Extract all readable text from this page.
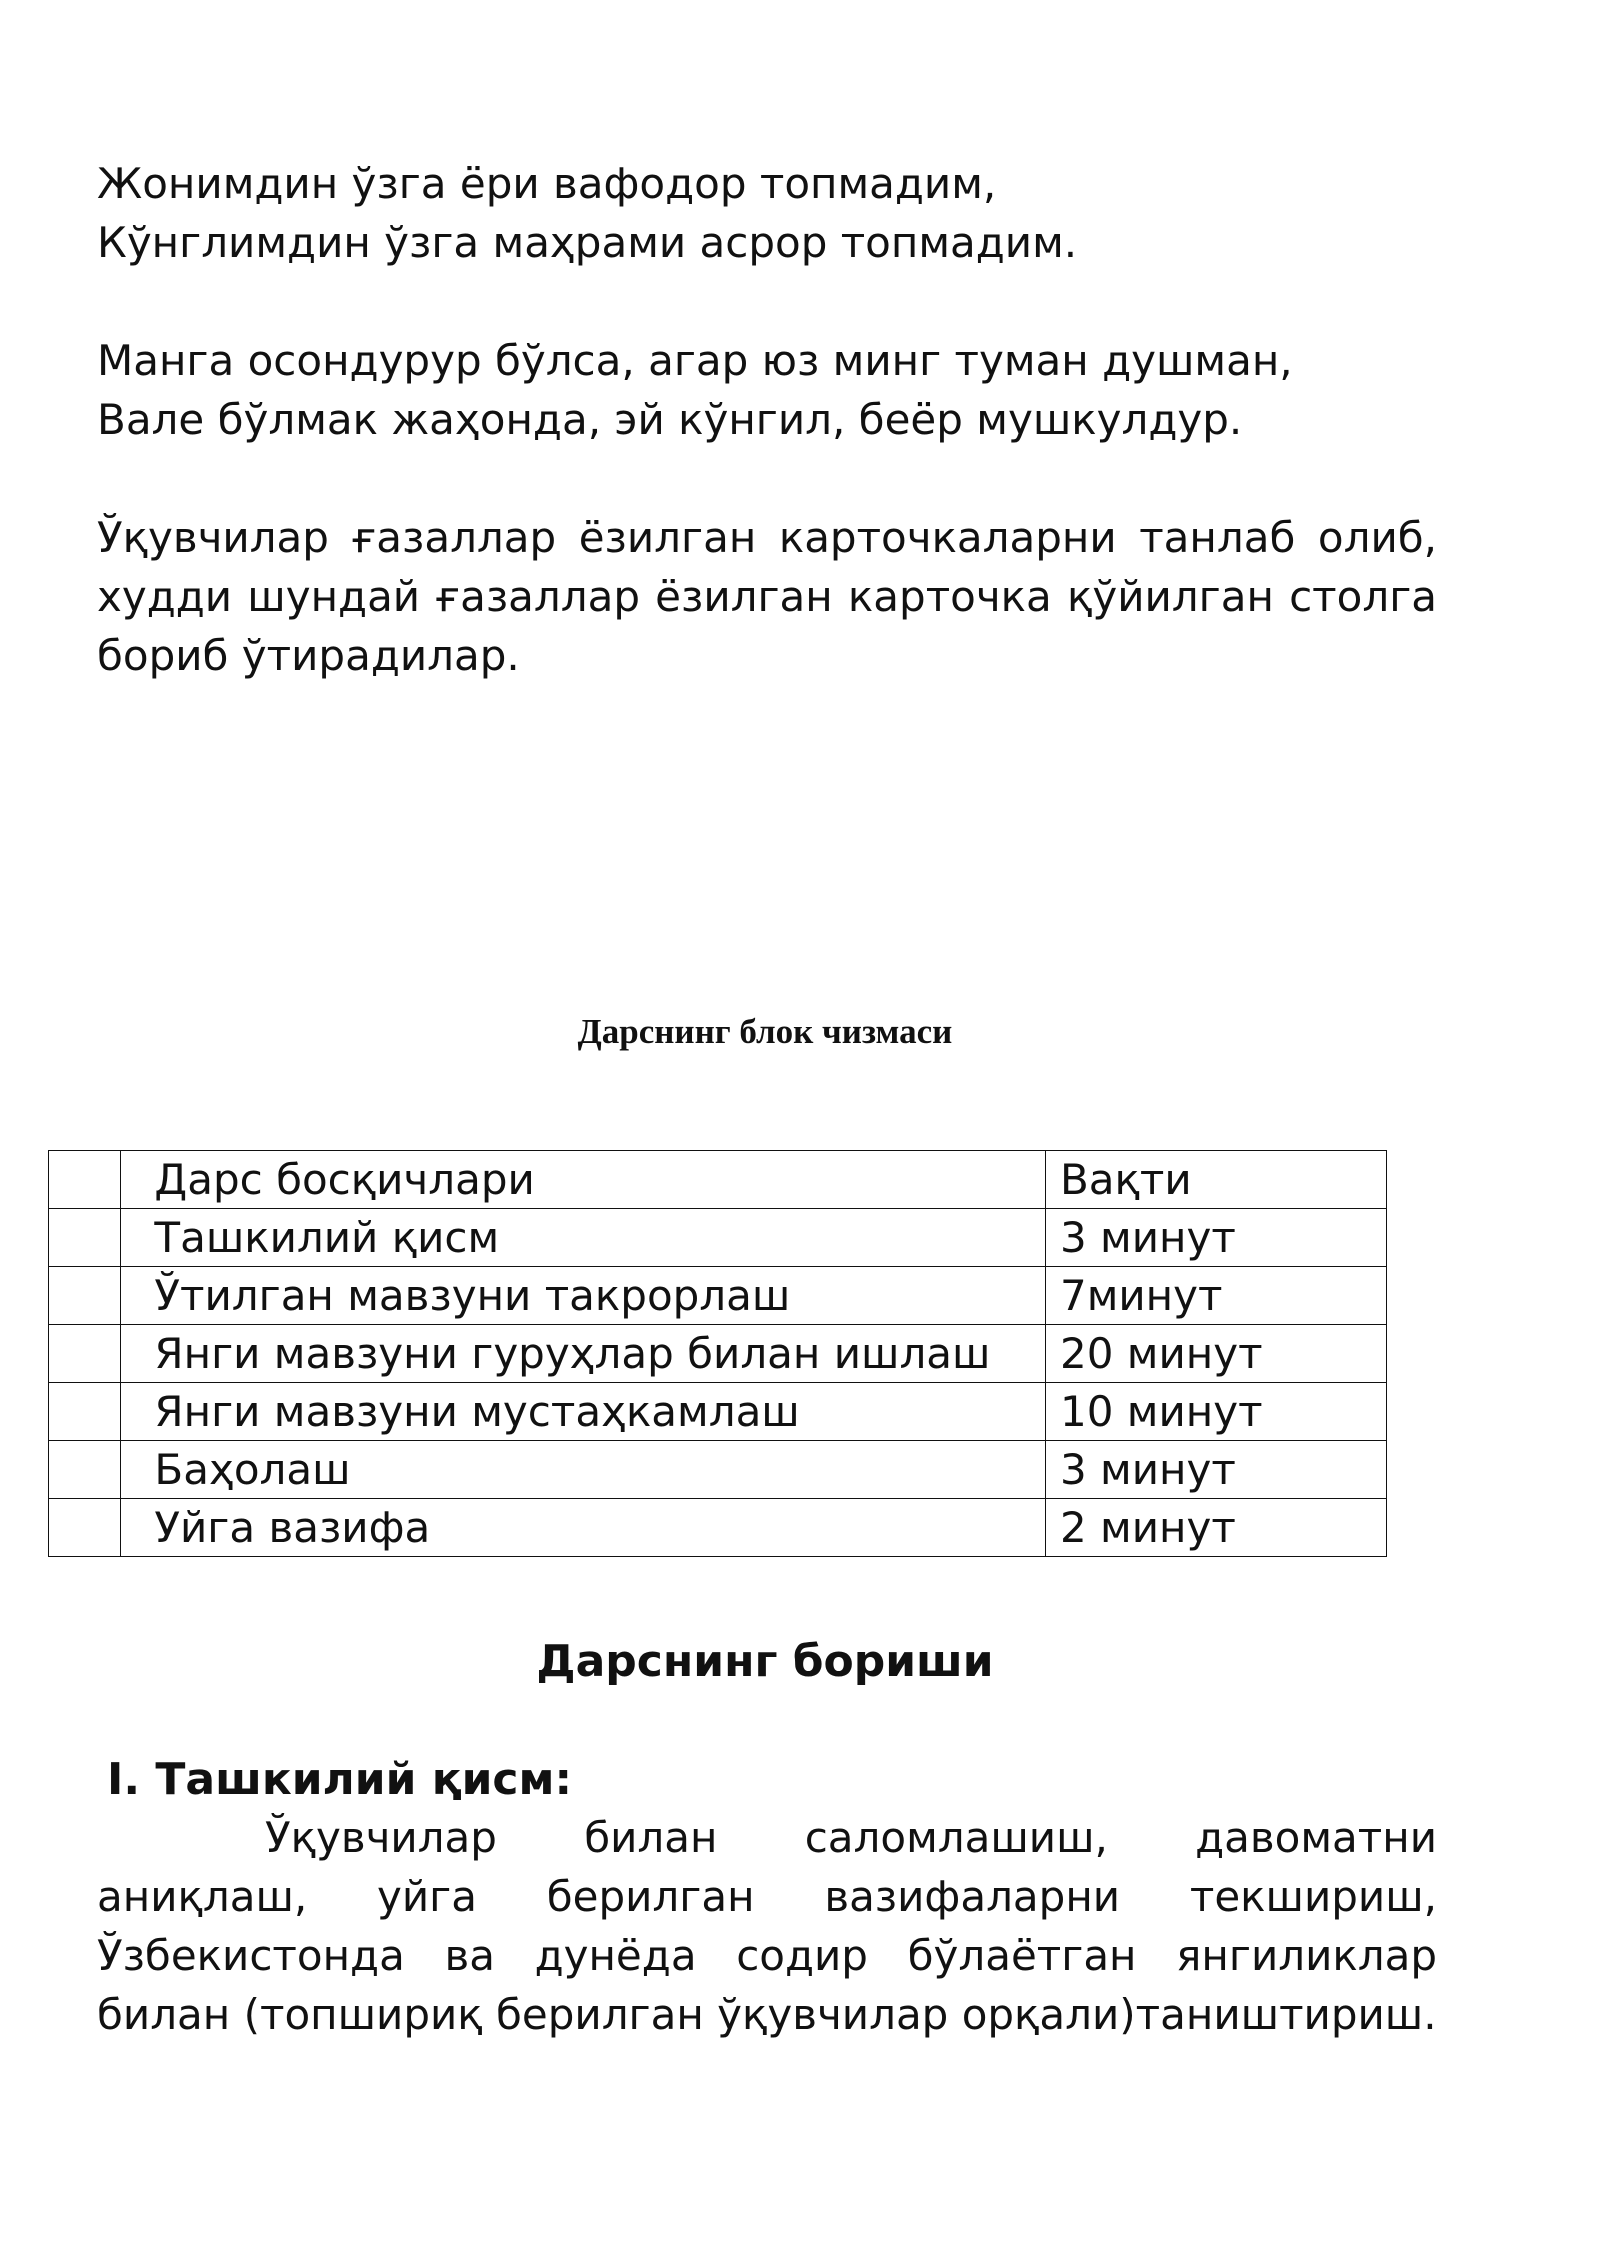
Жонимдин ўзга ёри вафодор топмадим,
Кўнглимдин ўзга маҳрами асрор топмадим.
Манга осондурур бўлса, агар юз минг туман душман,
Вале бўлмак жаҳонда, эй кўнгил, беёр мушкулдур.

Ўқувчилар ғазаллар ёзилган карточкаларни танлаб олиб, худди шундай ғазаллар ёзилган карточка қўйилган столга бориб ўтирадилар.

Дарснинг блок чизмаси
	Дарс босқичлари	Вақти
	Ташкилий қисм	3 минут
	Ўтилган мавзуни такрорлаш	7минут
	Янги мавзуни гуруҳлар билан ишлаш	20 минут
	Янги мавзуни мустаҳкамлаш	10 минут
	Баҳолаш	3 минут
	Уйга вазифа	2 минут
Дарснинг бориши
I. Ташкилий қисм:

Ўқувчилар билан саломлашиш, давоматни аниқлаш, уйга берилган вазифаларни текшириш, Ўзбекистонда ва дунёда содир бўлаётган янгиликлар билан (топшириқ берилган ўқувчилар орқали)таништириш.
